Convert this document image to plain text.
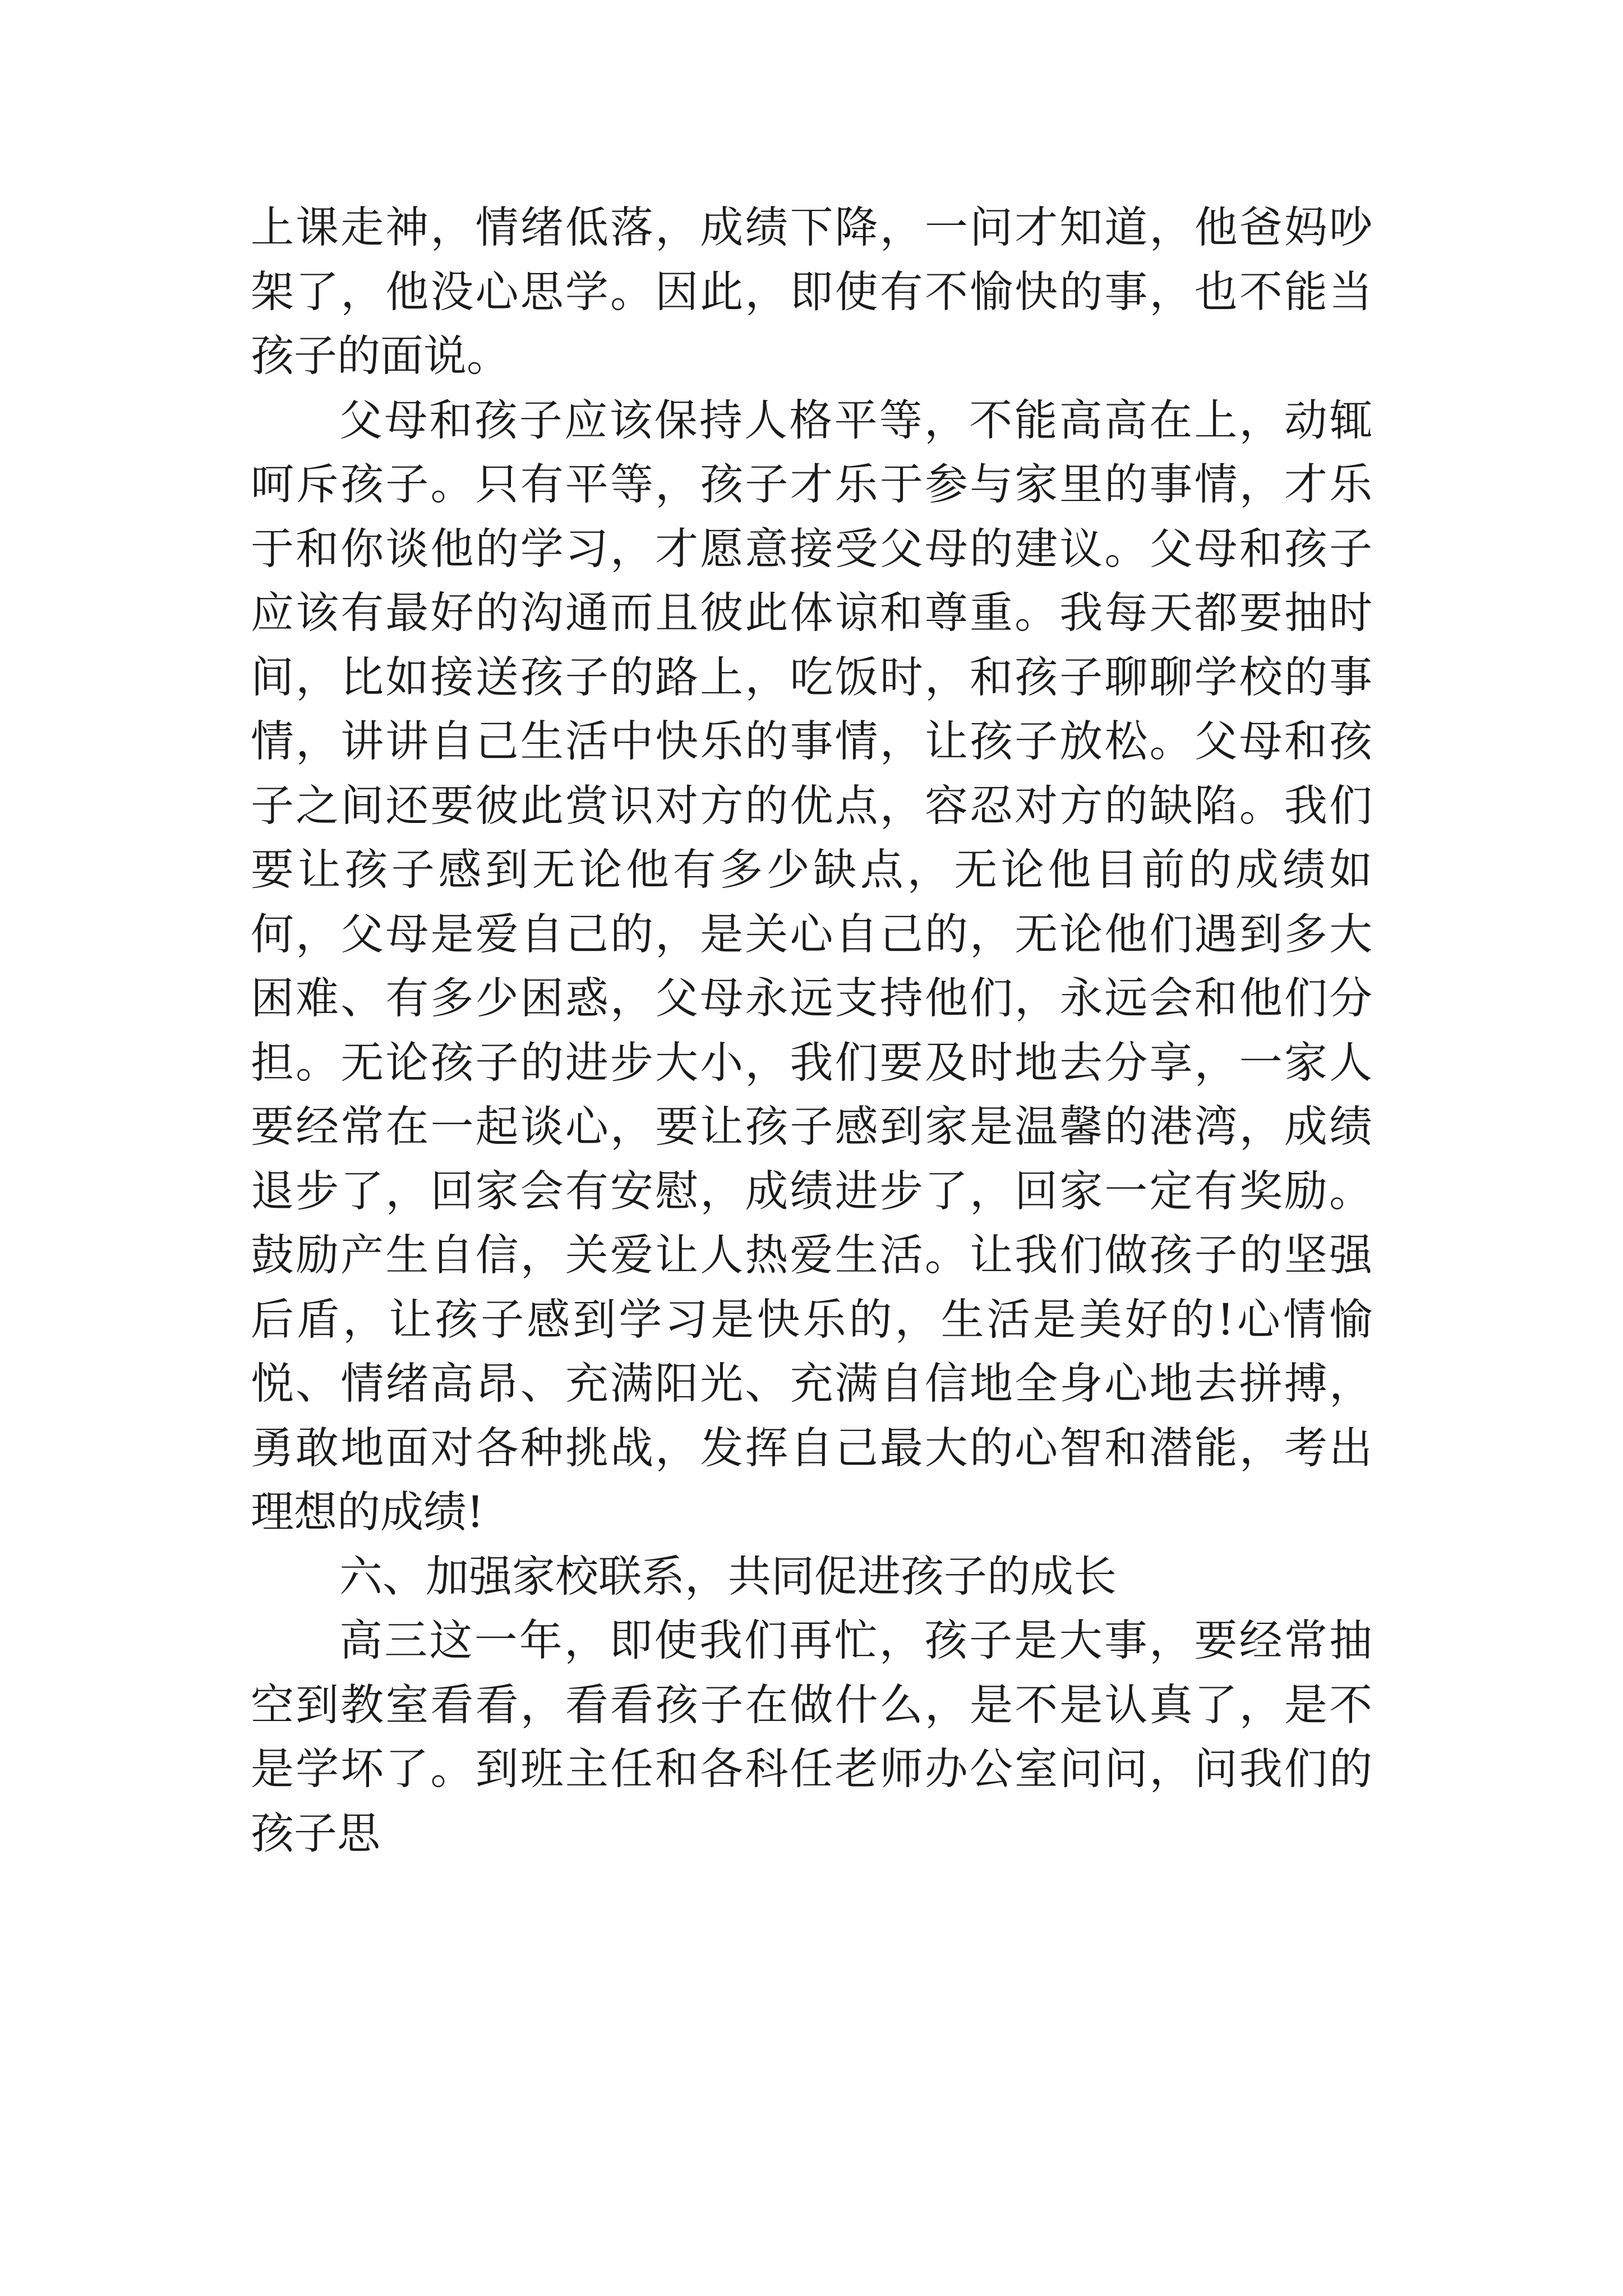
上课走神，情绪低落，成绩下降，一问才知道，他爸妈吵架了，他没心思学。因此，即使有不愉快的事，也不能当孩子的面说。

父母和孩子应该保持人格平等，不能高高在上，动辄呵斥孩子。只有平等，孩子才乐于参与家里的事情，才乐于和你谈他的学习，才愿意接受父母的建议。父母和孩子应该有最好的沟通而且彼此体谅和尊重。我每天都要抽时间，比如接送孩子的路上，吃饭时，和孩子聊聊学校的事情，讲讲自己生活中快乐的事情，让孩子放松。父母和孩子之间还要彼此赏识对方的优点，容忍对方的缺陷。我们要让孩子感到无论他有多少缺点，无论他目前的成绩如何，父母是爱自己的，是关心自己的，无论他们遇到多大困难、有多少困惑，父母永远支持他们，永远会和他们分担。无论孩子的进步大小，我们要及时地去分享，一家人要经常在一起谈心，要让孩子感到家是温馨的港湾，成绩退步了，回家会有安慰，成绩进步了，回家一定有奖励。鼓励产生自信，关爱让人热爱生活。让我们做孩子的坚强后盾，让孩子感到学习是快乐的，生活是美好的!心情愉悦、情绪高昂、充满阳光、充满自信地全身心地去拼搏，勇敢地面对各种挑战，发挥自己最大的心智和潜能，考出理想的成绩!

六、加强家校联系，共同促进孩子的成长

高三这一年，即使我们再忙，孩子是大事，要经常抽空到教室看看，看看孩子在做什么，是不是认真了，是不是学坏了。到班主任和各科任老师办公室问问，问我们的孩子思
